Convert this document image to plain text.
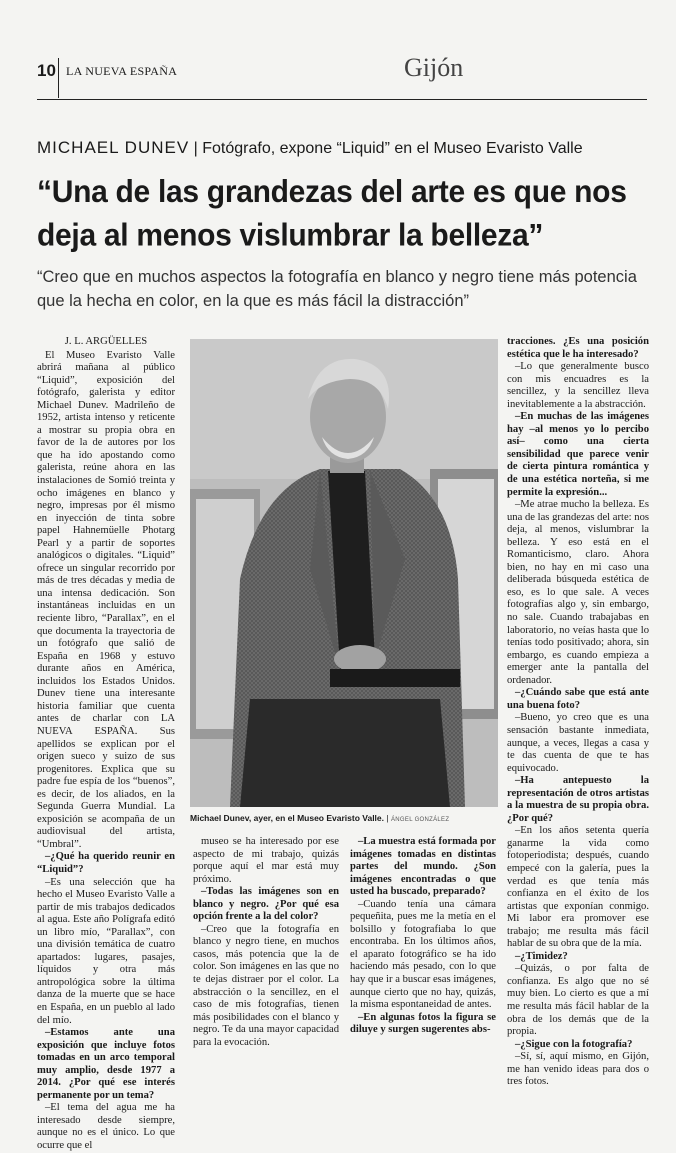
10 LA NUEVA ESPAÑA	Gijón
MICHAEL DUNEV | Fotógrafo, expone “Liquid” en el Museo Evaristo Valle
“Una de las grandezas del arte es que nos deja al menos vislumbrar la belleza”
“Creo que en muchos aspectos la fotografía en blanco y negro tiene más potencia que la hecha en color, en la que es más fácil la distracción”

J. L. ARGÜELLES

El Museo Evaristo Valle abrirá mañana al público “Liquid”, exposición del fotógrafo, galerista y editor Michael Dunev. Madrileño de 1952, artista intenso y reticente a mostrar su propia obra en favor de la de autores por los que ha ido apostando como galerista, reúne ahora en las instalaciones de Somió treinta y ocho imágenes en blanco y negro, impresas por él mismo en inyección de tinta sobre papel Hahnemüelle Photarg Pearl y a partir de soportes analógicos o digitales. “Liquid” ofrece un singular recorrido por más de tres décadas y media de una intensa dedicación. Son instantáneas incluidas en un reciente libro, “Parallax”, en el que documenta la trayectoria de un fotógrafo que salió de España en 1968 y estuvo durante años en América, incluidos los Estados Unidos. Dunev tiene una interesante historia familiar que cuenta antes de charlar con LA NUEVA ESPAÑA. Sus apellidos se explican por el origen sueco y suizo de sus progenitores. Explica que su padre fue espía de los “buenos”, es decir, de los aliados, en la Segunda Guerra Mundial. La exposición se acompaña de un audiovisual del artista, “Umbral”.

–¿Qué ha querido reunir en “Liquid”?

–Es una selección que ha hecho el Museo Evaristo Valle a partir de mis trabajos dedicados al agua. Este año Polígrafa editó un libro mío, “Parallax”, con una división temática de cuatro apartados: lugares, pasajes, líquidos y otra más antropológica sobre la última danza de la muerte que se hace en España, en un pueblo al lado del mío.

–Estamos ante una exposición que incluye fotos tomadas en un arco temporal muy amplio, desde 1977 a 2014. ¿Por qué ese interés permanente por un tema?

–El tema del agua me ha interesado desde siempre, aunque no es el único. Lo que ocurre que el

Michael Dunev, ayer, en el Museo Evaristo Valle. | ÁNGEL GONZÁLEZ

museo se ha interesado por ese aspecto de mi trabajo, quizás porque aquí el mar está muy próximo.

–Todas las imágenes son en blanco y negro. ¿Por qué esa opción frente a la del color?

–Creo que la fotografía en blanco y negro tiene, en muchos casos, más potencia que la de color. Son imágenes en las que no te dejas distraer por el color. La abstracción o la sencillez, en el caso de mis fotografías, tienen más posibilidades con el blanco y negro. Te da una mayor capacidad para la evocación.

–La muestra está formada por imágenes tomadas en distintas partes del mundo. ¿Son imágenes encontradas o que usted ha buscado, preparado?

–Cuando tenía una cámara pequeñita, pues me la metía en el bolsillo y fotografiaba lo que encontraba. En los últimos años, el aparato fotográfico se ha ido haciendo más pesado, con lo que hay que ir a buscar esas imágenes, aunque cierto que no hay, quizás, la misma espontaneidad de antes.

–En algunas fotos la figura se diluye y surgen sugerentes abs-

tracciones. ¿Es una posición estética que le ha interesado?

–Lo que generalmente busco con mis encuadres es la sencillez, y la sencillez lleva inevitablemente a la abstracción.

–En muchas de las imágenes hay –al menos yo lo percibo así– como una cierta sensibilidad que parece venir de cierta pintura romántica y de una estética norteña, si me permite la expresión...

–Me atrae mucho la belleza. Es una de las grandezas del arte: nos deja, al menos, vislumbrar la belleza. Y eso está en el Romanticismo, claro. Ahora bien, no hay en mi caso una deliberada búsqueda estética de eso, es lo que sale. A veces fotografías algo y, sin embargo, no sale. Cuando trabajabas en laboratorio, no veías hasta que lo tenías todo positivado; ahora, sin embargo, es cuando empieza a emerger ante la pantalla del ordenador.

–¿Cuándo sabe que está ante una buena foto?

–Bueno, yo creo que es una sensación bastante inmediata, aunque, a veces, llegas a casa y te das cuenta de que te has equivocado.

–Ha antepuesto la representación de otros artistas a la muestra de su propia obra. ¿Por qué?

–En los años setenta quería ganarme la vida como fotoperiodista; después, cuando empecé con la galería, pues la verdad es que tenía más confianza en el éxito de los artistas que exponían conmigo. Mi labor era promover ese trabajo; me resulta más fácil hablar de su obra que de la mía.

–¿Timidez?

–Quizás, o por falta de confianza. Es algo que no sé muy bien. Lo cierto es que a mí me resulta más fácil hablar de la obra de los demás que de la propia.

–¿Sigue con la fotografía?

–Sí, sí, aquí mismo, en Gijón, me han venido ideas para dos o tres fotos.
